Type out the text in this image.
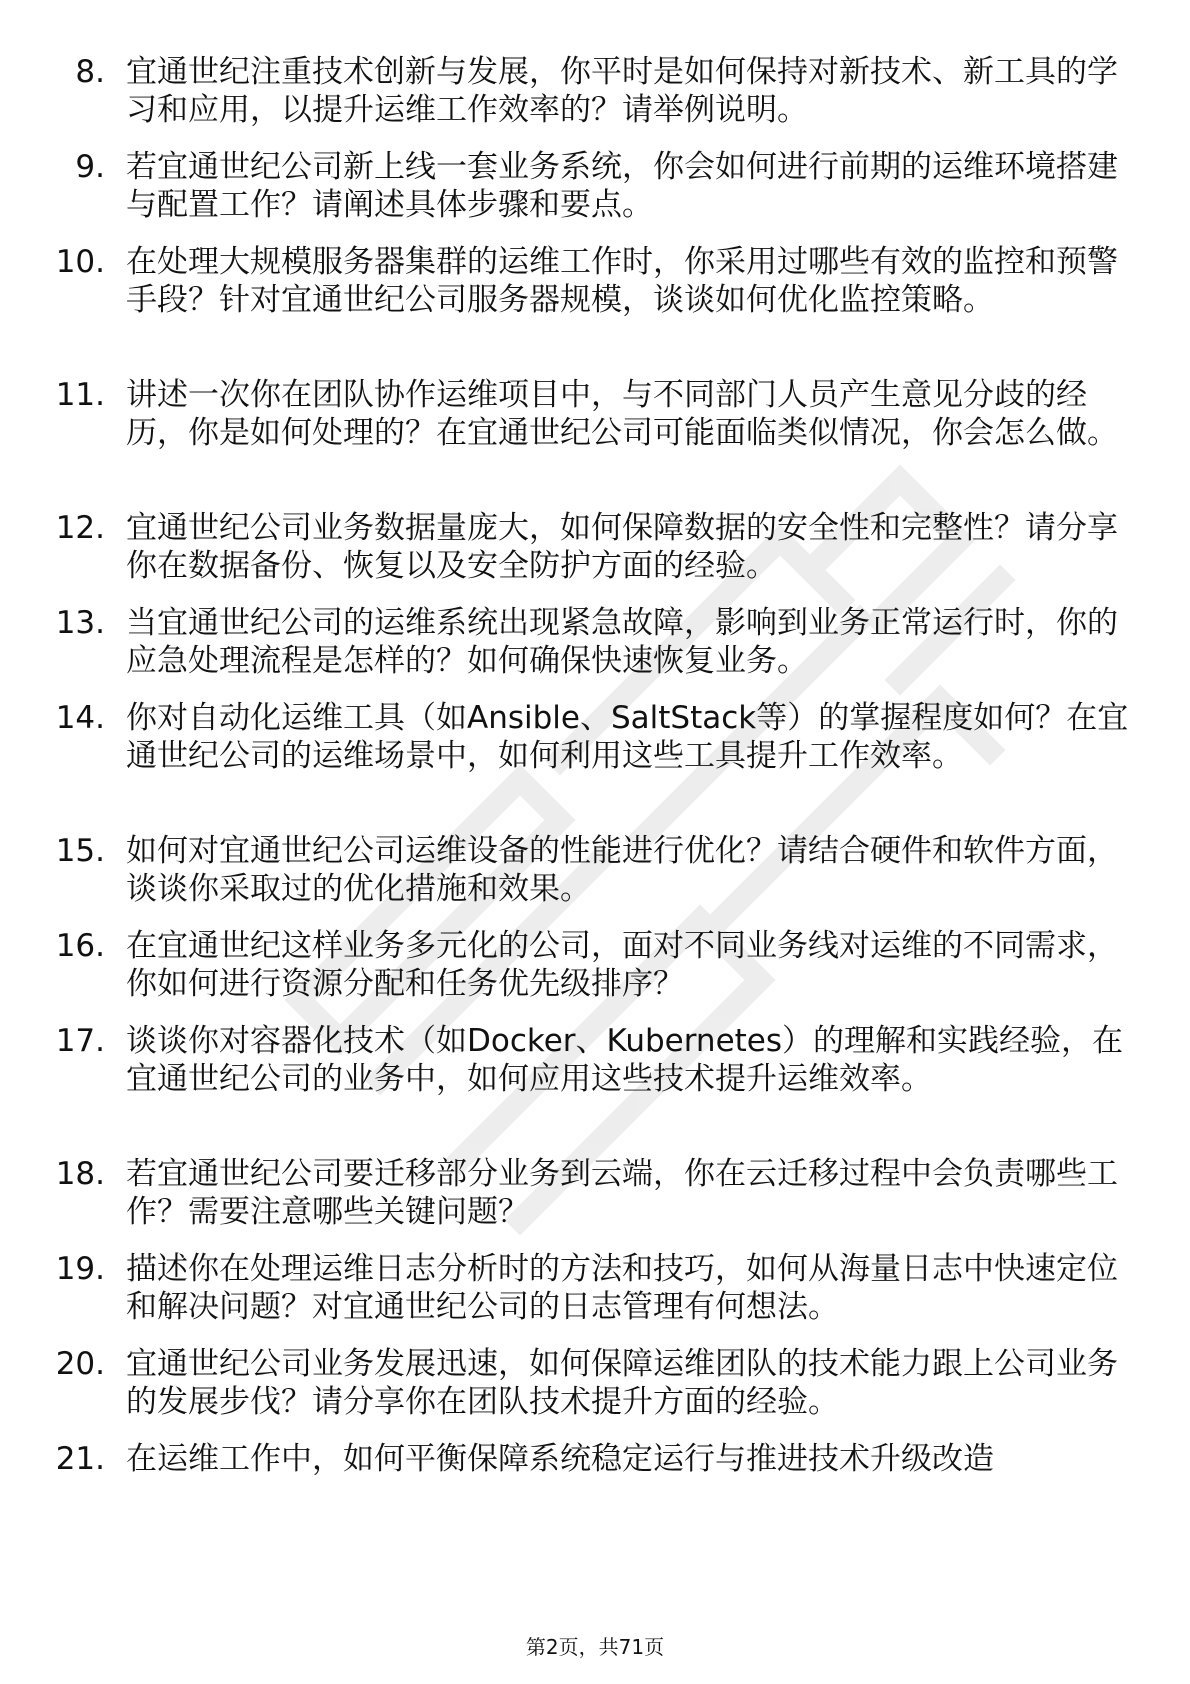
8. 宜通世纪注重技术创新与发展，你平时是如何保持对新技术、新工具的学习和应用，以提升运维工作效率的？请举例说明。
9. 若宜通世纪公司新上线一套业务系统，你会如何进行前期的运维环境搭建与配置工作？请阐述具体步骤和要点。
10. 在处理大规模服务器集群的运维工作时，你采用过哪些有效的监控和预警手段？针对宜通世纪公司服务器规模，谈谈如何优化监控策略。
11. 讲述一次你在团队协作运维项目中，与不同部门人员产生意见分歧的经历，你是如何处理的？在宜通世纪公司可能面临类似情况，你会怎么做。
12. 宜通世纪公司业务数据量庞大，如何保障数据的安全性和完整性？请分享你在数据备份、恢复以及安全防护方面的经验。
13. 当宜通世纪公司的运维系统出现紧急故障，影响到业务正常运行时，你的应急处理流程是怎样的？如何确保快速恢复业务。
14. 你对自动化运维工具（如Ansible、SaltStack等）的掌握程度如何？在宜通世纪公司的运维场景中，如何利用这些工具提升工作效率。
15. 如何对宜通世纪公司运维设备的性能进行优化？请结合硬件和软件方面，谈谈你采取过的优化措施和效果。
16. 在宜通世纪这样业务多元化的公司，面对不同业务线对运维的不同需求，你如何进行资源分配和任务优先级排序？
17. 谈谈你对容器化技术（如Docker、Kubernetes）的理解和实践经验，在宜通世纪公司的业务中，如何应用这些技术提升运维效率。
18. 若宜通世纪公司要迁移部分业务到云端，你在云迁移过程中会负责哪些工作？需要注意哪些关键问题？
19. 描述你在处理运维日志分析时的方法和技巧，如何从海量日志中快速定位和解决问题？对宜通世纪公司的日志管理有何想法。
20. 宜通世纪公司业务发展迅速，如何保障运维团队的技术能力跟上公司业务的发展步伐？请分享你在团队技术提升方面的经验。
21. 在运维工作中，如何平衡保障系统稳定运行与推进技术升级改造
第2页，共71页
